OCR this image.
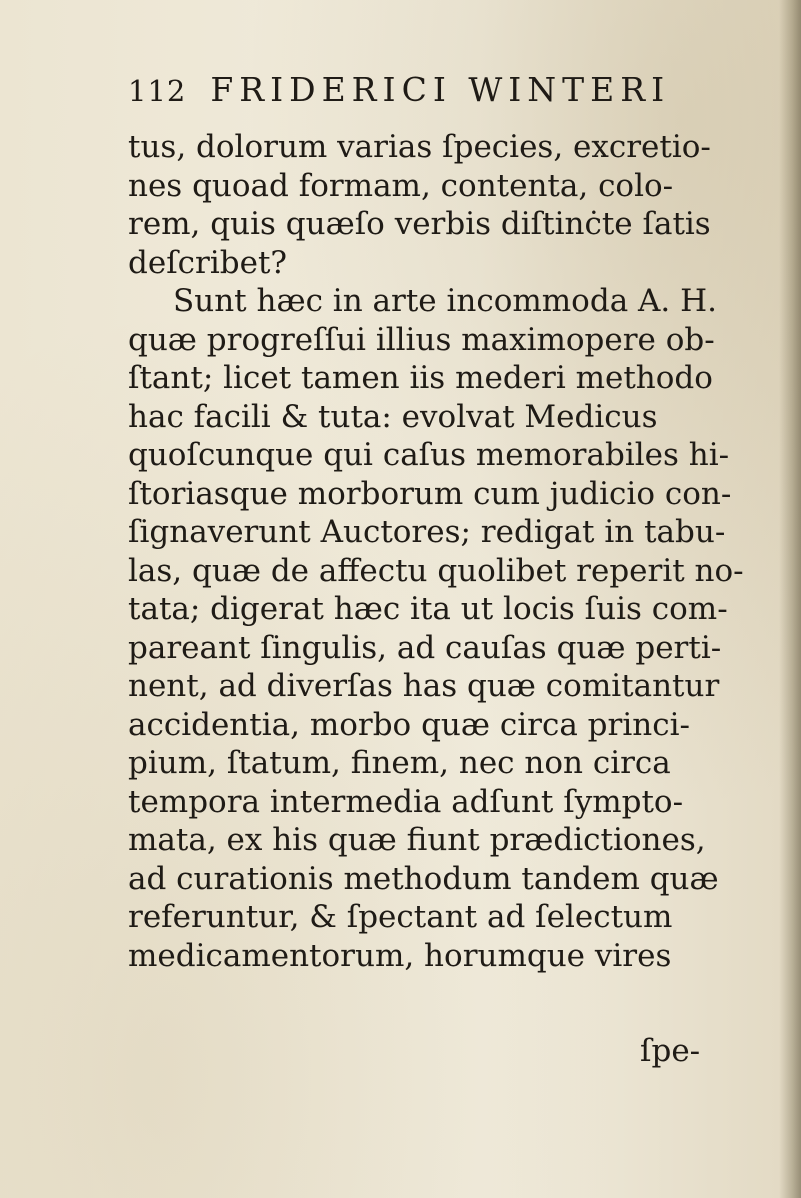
112 FRIDERICI WINTERI
tus, dolorum varias ſpecies, excretio-
nes quoad formam, contenta, colo-
rem, quis quæſo verbis diſtinċte ſatis
deſcribet?
Sunt hæc in arte incommoda A. H.
quæ progreſſui illius maximopere ob-
ſtant; licet tamen iis mederi methodo
hac facili & tuta: evolvat Medicus
quoſcunque qui caſus memorabiles hi-
ſtoriasque morborum cum judicio con-
ſignaverunt Auctores; redigat in tabu-
las, quæ de affectu quolibet reperit no-
tata; digerat hæc ita ut locis ſuis com-
pareant ſingulis, ad cauſas quæ perti-
nent, ad diverſas has quæ comitantur
accidentia, morbo quæ circa princi-
pium, ſtatum, finem, nec non circa
tempora intermedia adſunt ſympto-
mata, ex his quæ fiunt prædictiones,
ad curationis methodum tandem quæ
referuntur, & ſpectant ad ſelectum
medicamentorum, horumque vires
ſpe-
